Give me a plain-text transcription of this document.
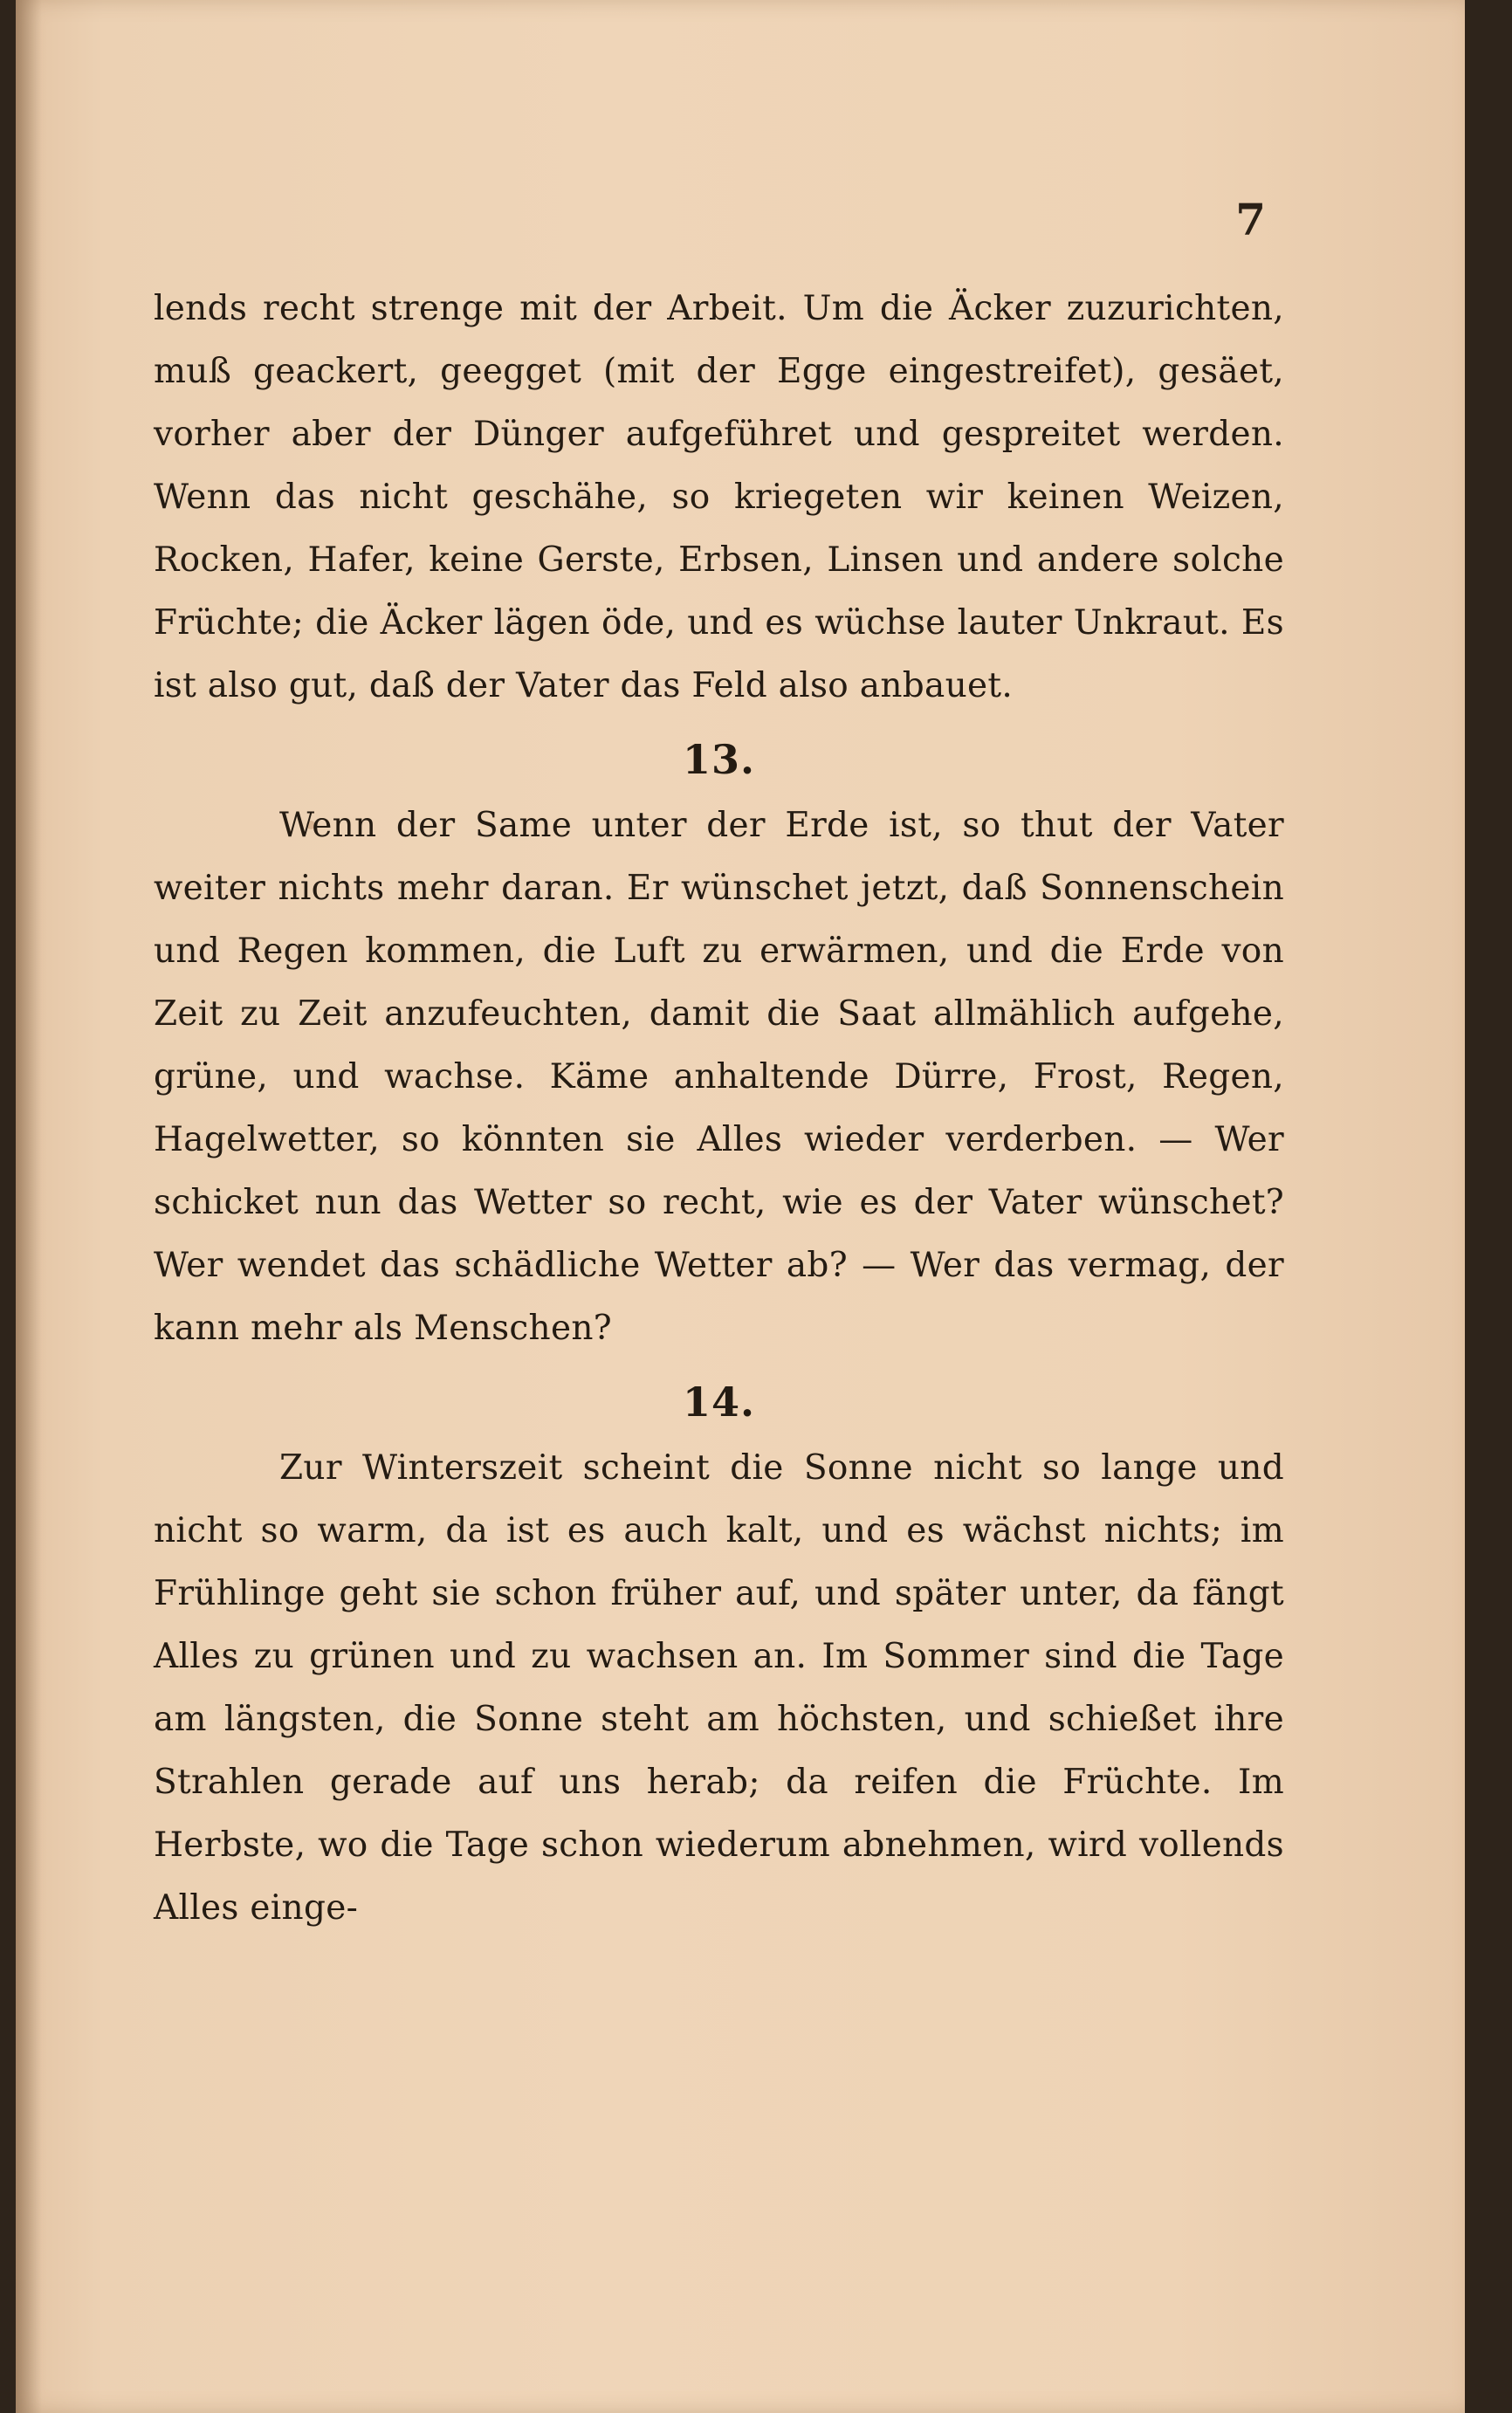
7

lends recht strenge mit der Arbeit. Um die Äcker zuzurichten, muß geackert, geegget (mit der Egge eingestreifet), gesäet, vorher aber der Dünger aufgeführet und gespreitet werden. Wenn das nicht geschähe, so kriegeten wir keinen Weizen, Rocken, Hafer, keine Gerste, Erbsen, Linsen und andere solche Früchte; die Äcker lägen öde, und es wüchse lauter Unkraut. Es ist also gut, daß der Vater das Feld also anbauet.

13.

Wenn der Same unter der Erde ist, so thut der Vater weiter nichts mehr daran. Er wünschet jetzt, daß Sonnenschein und Regen kommen, die Luft zu erwärmen, und die Erde von Zeit zu Zeit anzufeuchten, damit die Saat allmählich aufgehe, grüne, und wachse. Käme anhaltende Dürre, Frost, Regen, Hagelwetter, so könnten sie Alles wieder verderben. — Wer schicket nun das Wetter so recht, wie es der Vater wünschet? Wer wendet das schädliche Wetter ab? — Wer das vermag, der kann mehr als Menschen?

14.

Zur Winterszeit scheint die Sonne nicht so lange und nicht so warm, da ist es auch kalt, und es wächst nichts; im Frühlinge geht sie schon früher auf, und später unter, da fängt Alles zu grünen und zu wachsen an. Im Sommer sind die Tage am längsten, die Sonne steht am höchsten, und schießet ihre Strahlen gerade auf uns herab; da reifen die Früchte. Im Herbste, wo die Tage schon wiederum abnehmen, wird vollends Alles einge-
